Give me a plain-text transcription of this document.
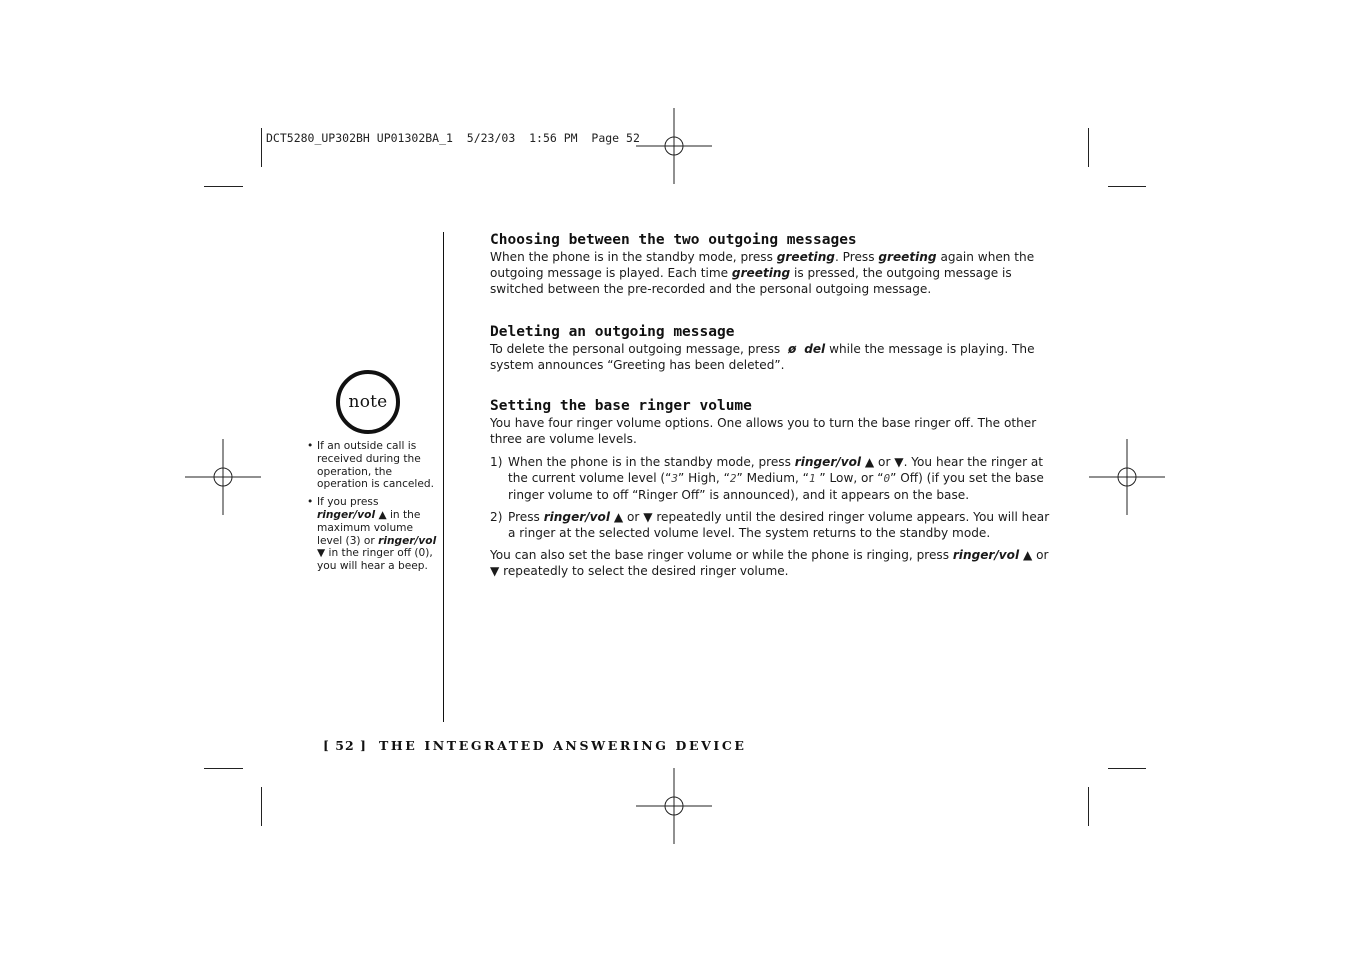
DCT5280_UP302BH UP01302BA_1  5/23/03  1:56 PM  Page 52
note
• If an outside call is received during the operation, the operation is canceled.
• If you press
ringer/vol ▲ in the maximum volume level (3) or ringer/vol ▼ in the ringer off (0), you will hear a beep.
Choosing between the two outgoing messages

When the phone is in the standby mode, press greeting. Press greeting again when the outgoing message is played. Each time greeting is pressed, the outgoing message is switched between the pre-recorded and the personal outgoing message.

Deleting an outgoing message

To delete the personal outgoing message, press ø del while the message is playing. The system announces “Greeting has been deleted”.

Setting the base ringer volume

You have four ringer volume options. One allows you to turn the base ringer off. The other three are volume levels.

1) When the phone is in the standby mode, press ringer/vol ▲ or ▼. You hear the ringer at the current volume level (“3” High, “2” Medium, “1 ” Low, or “0” Off) (if you set the base ringer volume to off “Ringer Off” is announced), and it appears on the base.
2) Press ringer/vol ▲ or ▼ repeatedly until the desired ringer volume appears. You will hear a ringer at the selected volume level. The system returns to the standby mode.

You can also set the base ringer volume or while the phone is ringing, press ringer/vol ▲ or ▼ repeatedly to select the desired ringer volume.

[ 52 ] THE INTEGRATED ANSWERING DEVICE
